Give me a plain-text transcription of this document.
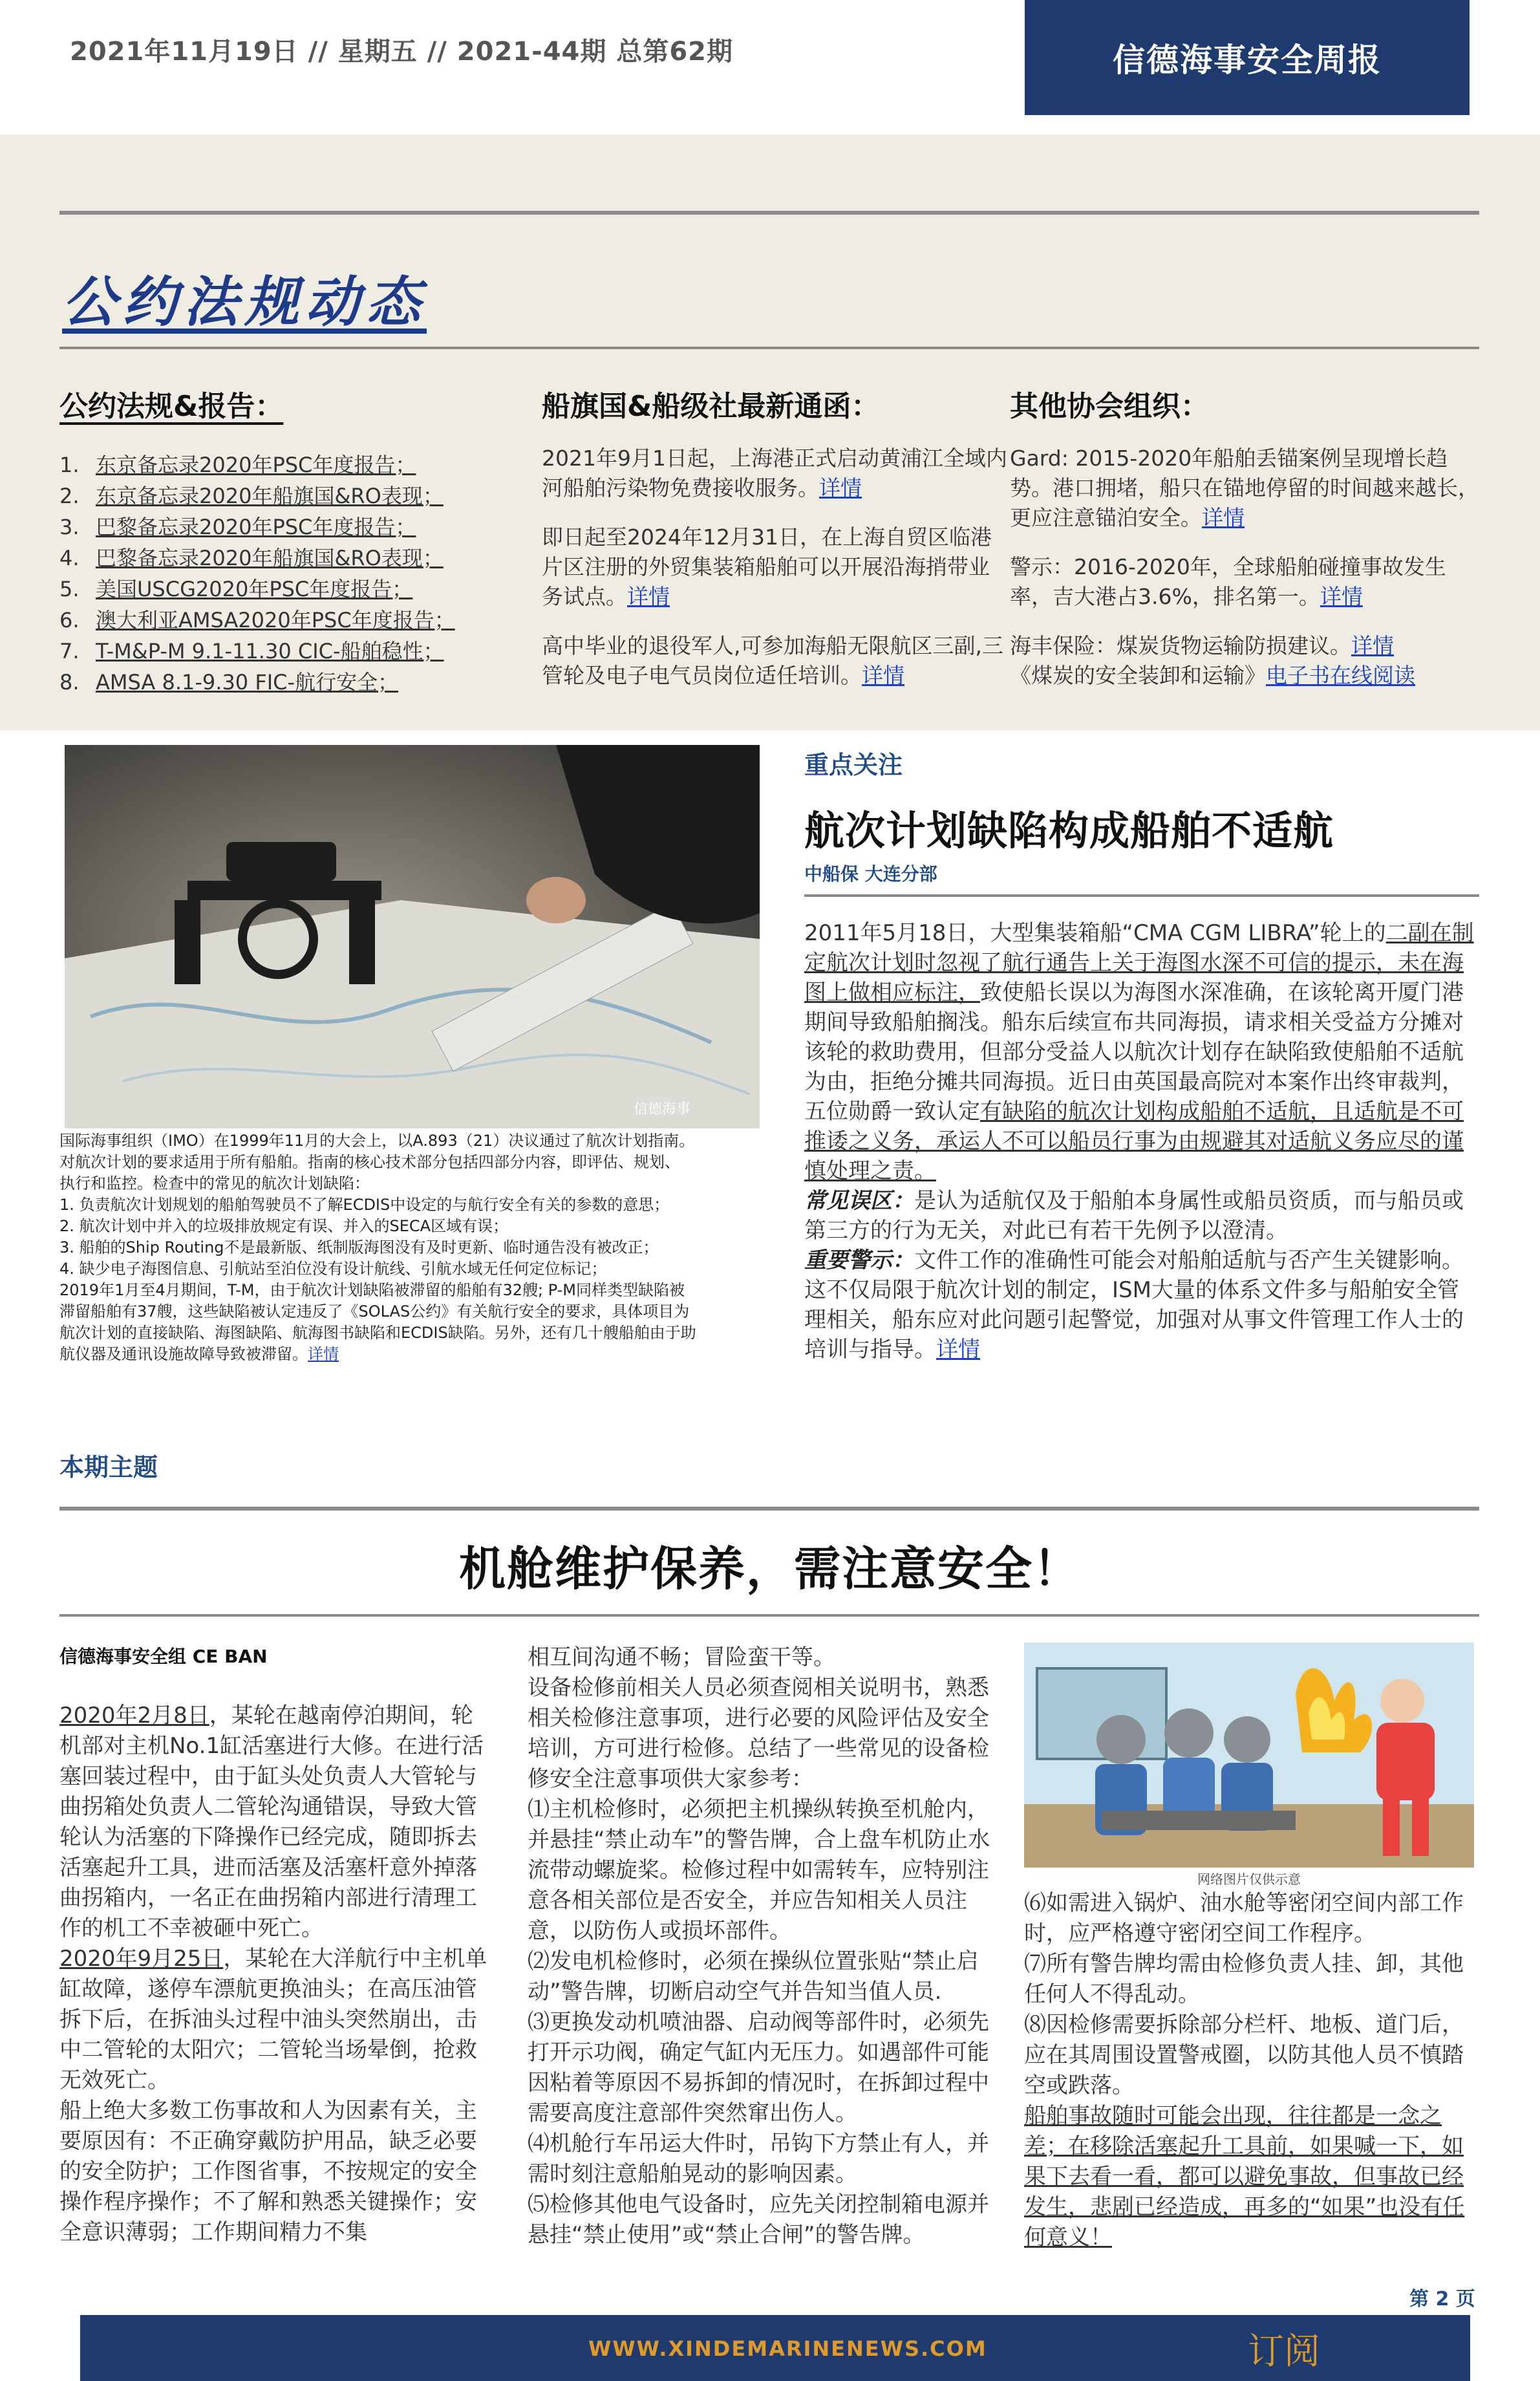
2021年11月19日 // 星期五 // 2021-44期 总第62期	信德海事安全周报
公约法规动态
公约法规&报告：	船旗国&船级社最新通函：	其他协会组织：
1. 东京备忘录2020年PSC年度报告；
2. 东京备忘录2020年船旗国&RO表现；
3. 巴黎备忘录2020年PSC年度报告；
4. 巴黎备忘录2020年船旗国&RO表现；
5. 美国USCG2020年PSC年度报告；
6. 澳大利亚AMSA2020年PSC年度报告；
7. T-M&P-M 9.1-11.30 CIC-船舶稳性；
8. AMSA 8.1-9.30 FIC-航行安全；

2021年9月1日起，上海港正式启动黄浦江全域内河船舶污染物免费接收服务。详情

即日起至2024年12月31日，在上海自贸区临港片区注册的外贸集装箱船舶可以开展沿海捎带业务试点。详情

高中毕业的退役军人,可参加海船无限航区三副,三管轮及电子电气员岗位适任培训。详情

Gard: 2015-2020年船舶丢锚案例呈现增长趋势。港口拥堵，船只在锚地停留的时间越来越长，更应注意锚泊安全。详情

警示：2016-2020年，全球船舶碰撞事故发生率，吉大港占3.6%，排名第一。详情

海丰保险：煤炭货物运输防损建议。详情
《煤炭的安全装卸和运输》电子书在线阅读

信德海事

国际海事组织（IMO）在1999年11月的大会上，以A.893（21）决议通过了航次计划指南。

对航次计划的要求适用于所有船舶。指南的核心技术部分包括四部分内容，即评估、规划、

执行和监控。检查中的常见的航次计划缺陷：

1. 负责航次计划规划的船舶驾驶员不了解ECDIS中设定的与航行安全有关的参数的意思；

2. 航次计划中并入的垃圾排放规定有误、并入的SECA区域有误；

3. 船舶的Ship Routing不是最新版、纸制版海图没有及时更新、临时通告没有被改正；

4. 缺少电子海图信息、引航站至泊位没有设计航线、引航水域无任何定位标记；

2019年1月至4月期间，T-M，由于航次计划缺陷被滞留的船舶有32艘; P-M同样类型缺陷被

滞留船舶有37艘，这些缺陷被认定违反了《SOLAS公约》有关航行安全的要求，具体项目为

航次计划的直接缺陷、海图缺陷、航海图书缺陷和ECDIS缺陷。另外，还有几十艘船舶由于助

航仪器及通讯设施故障导致被滞留。详情

重点关注
航次计划缺陷构成船舶不适航
中船保 大连分部

2011年5月18日，大型集装箱船“CMA CGM LIBRA”轮上的二副在制定航次计划时忽视了航行通告上关于海图水深不可信的提示，未在海图上做相应标注，致使船长误以为海图水深准确，在该轮离开厦门港期间导致船舶搁浅。船东后续宣布共同海损，请求相关受益方分摊对该轮的救助费用，但部分受益人以航次计划存在缺陷致使船舶不适航为由，拒绝分摊共同海损。近日由英国最高院对本案作出终审裁判，五位勋爵一致认定有缺陷的航次计划构成船舶不适航，且适航是不可推诿之义务，承运人不可以船员行事为由规避其对适航义务应尽的谨慎处理之责。

常见误区：是认为适航仅及于船舶本身属性或船员资质，而与船员或第三方的行为无关，对此已有若干先例予以澄清。

重要警示：文件工作的准确性可能会对船舶适航与否产生关键影响。这不仅局限于航次计划的制定，ISM大量的体系文件多与船舶安全管理相关，船东应对此问题引起警觉，加强对从事文件管理工作人士的培训与指导。详情

本期主题
机舱维护保养，需注意安全！
信德海事安全组 CE BAN

2020年2月8日，某轮在越南停泊期间，轮机部对主机No.1缸活塞进行大修。在进行活塞回装过程中，由于缸头处负责人大管轮与曲拐箱处负责人二管轮沟通错误，导致大管轮认为活塞的下降操作已经完成，随即拆去活塞起升工具，进而活塞及活塞杆意外掉落曲拐箱内，一名正在曲拐箱内部进行清理工作的机工不幸被砸中死亡。

2020年9月25日，某轮在大洋航行中主机单缸故障，遂停车漂航更换油头；在高压油管拆下后，在拆油头过程中油头突然崩出，击中二管轮的太阳穴；二管轮当场晕倒，抢救无效死亡。

船上绝大多数工伤事故和人为因素有关，主要原因有：不正确穿戴防护用品，缺乏必要的安全防护；工作图省事，不按规定的安全操作程序操作；不了解和熟悉关键操作；安全意识薄弱；工作期间精力不集

相互间沟通不畅；冒险蛮干等。

设备检修前相关人员必须查阅相关说明书，熟悉相关检修注意事项，进行必要的风险评估及安全培训，方可进行检修。总结了一些常见的设备检修安全注意事项供大家参考：

⑴主机检修时，必须把主机操纵转换至机舱内，并悬挂“禁止动车”的警告牌，合上盘车机防止水流带动螺旋桨。检修过程中如需转车，应特别注意各相关部位是否安全，并应告知相关人员注意，以防伤人或损坏部件。

⑵发电机检修时，必须在操纵位置张贴“禁止启动”警告牌，切断启动空气并告知当值人员.

⑶更换发动机喷油器、启动阀等部件时，必须先打开示功阀，确定气缸内无压力。如遇部件可能因粘着等原因不易拆卸的情况时，在拆卸过程中需要高度注意部件突然窜出伤人。

⑷机舱行车吊运大件时，吊钩下方禁止有人，并需时刻注意船舶晃动的影响因素。

⑸检修其他电气设备时，应先关闭控制箱电源并悬挂“禁止使用”或“禁止合闸”的警告牌。

网络图片仅供示意

⑹如需进入锅炉、油水舱等密闭空间内部工作时，应严格遵守密闭空间工作程序。

⑺所有警告牌均需由检修负责人挂、卸，其他任何人不得乱动。

⑻因检修需要拆除部分栏杆、地板、道门后，应在其周围设置警戒圈，以防其他人员不慎踏空或跌落。

船舶事故随时可能会出现，往往都是一念之差；在移除活塞起升工具前，如果喊一下，如果下去看一看，都可以避免事故，但事故已经发生，悲剧已经造成，再多的“如果”也没有任何意义！

第 2 页
WWW.XINDEMARINENEWS.COM	订阅
